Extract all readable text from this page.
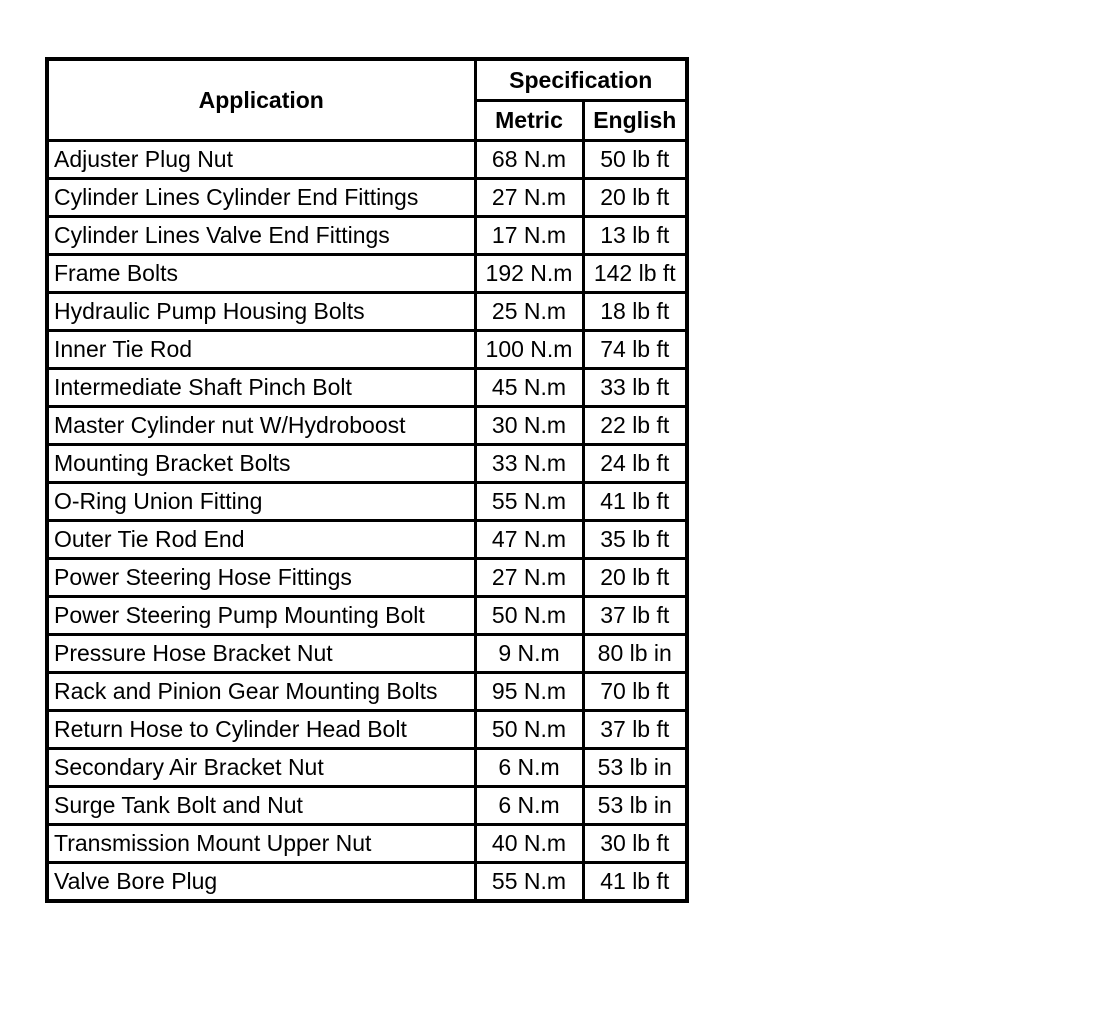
Application	Specification	
	Metric	English
Adjuster Plug Nut	68 N.m	50 lb ft
Cylinder Lines Cylinder End Fittings	27 N.m	20 lb ft
Cylinder Lines Valve End Fittings	17 N.m	13 lb ft
Frame Bolts	192 N.m	142 lb ft
Hydraulic Pump Housing Bolts	25 N.m	18 lb ft
Inner Tie Rod	100 N.m	74 lb ft
Intermediate Shaft Pinch Bolt	45 N.m	33 lb ft
Master Cylinder nut W/Hydroboost	30 N.m	22 lb ft
Mounting Bracket Bolts	33 N.m	24 lb ft
O-Ring Union Fitting	55 N.m	41 lb ft
Outer Tie Rod End	47 N.m	35 lb ft
Power Steering Hose Fittings	27 N.m	20 lb ft
Power Steering Pump Mounting Bolt	50 N.m	37 lb ft
Pressure Hose Bracket Nut	9 N.m	80 lb in
Rack and Pinion Gear Mounting Bolts	95 N.m	70 lb ft
Return Hose to Cylinder Head Bolt	50 N.m	37 lb ft
Secondary Air Bracket Nut	6 N.m	53 lb in
Surge Tank Bolt and Nut	6 N.m	53 lb in
Transmission Mount Upper Nut	40 N.m	30 lb ft
Valve Bore Plug	55 N.m	41 lb ft
